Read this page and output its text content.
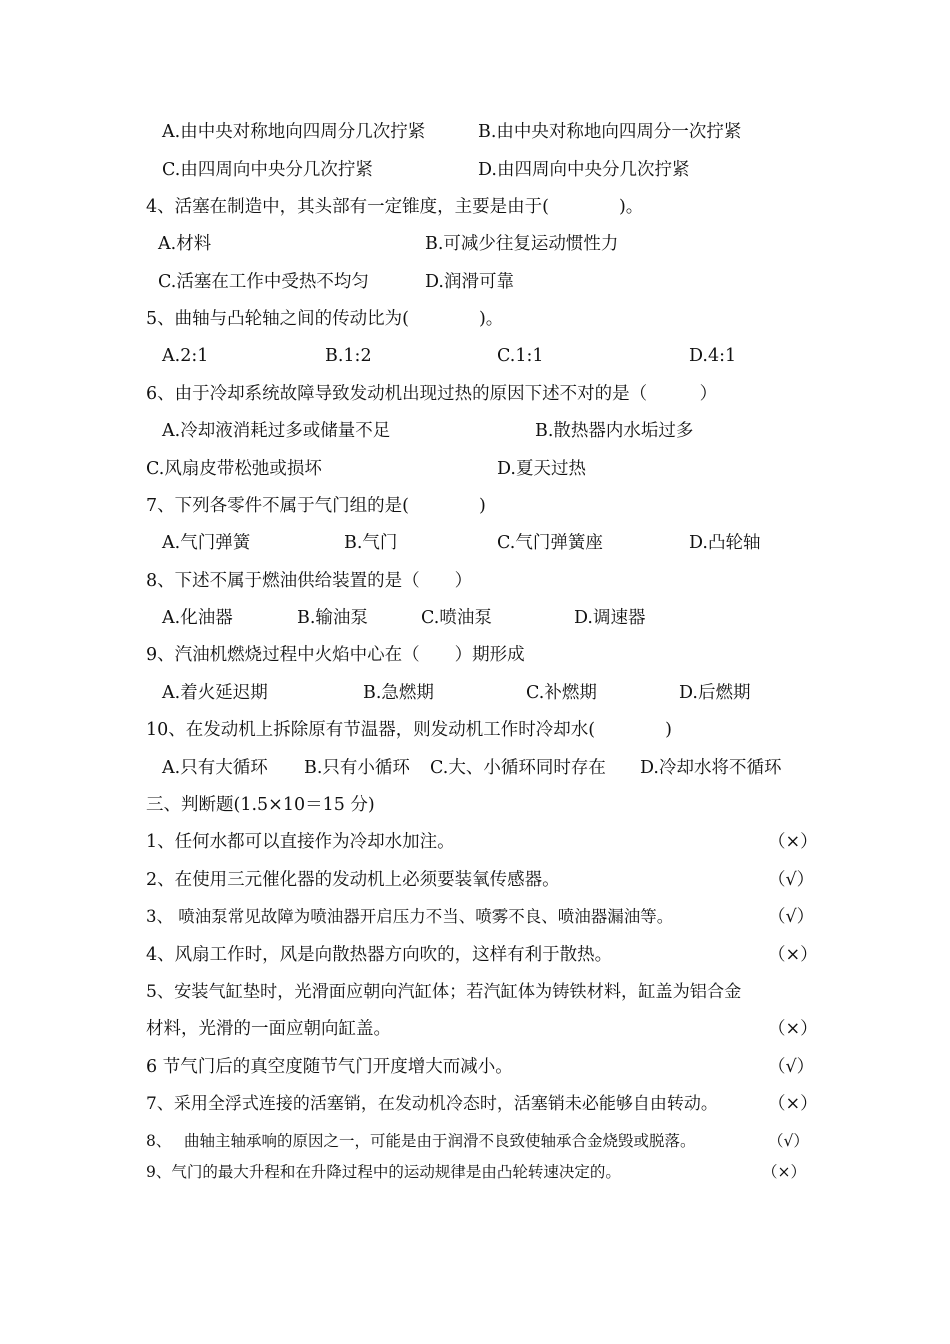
A.由中央对称地向四周分几次拧紧	B.由中央对称地向四周分一次拧紧
C.由四周向中央分几次拧紧	D.由四周向中央分几次拧紧
4、活塞在制造中，其头部有一定锥度，主要是由于(　　　　)。
A.材料	B.可减少往复运动惯性力
C.活塞在工作中受热不均匀	D.润滑可靠
5、曲轴与凸轮轴之间的传动比为(　　　　)。
A.2:1	B.1:2	C.1:1	D.4:1
6、由于冷却系统故障导致发动机出现过热的原因下述不对的是（　　　）
A.冷却液消耗过多或储量不足	B.散热器内水垢过多
C.风扇皮带松弛或损坏	D.夏天过热
7、下列各零件不属于气门组的是(　　　　)
A.气门弹簧	B.气门	C.气门弹簧座	D.凸轮轴
8、下述不属于燃油供给装置的是（　　）
A.化油器	B.输油泵	C.喷油泵	D.调速器
9、汽油机燃烧过程中火焰中心在（　　）期形成
A.着火延迟期	B.急燃期	C.补燃期	D.后燃期
10、在发动机上拆除原有节温器，则发动机工作时冷却水(　　　　)
A.只有大循环 B.只有小循环 C.大、小循环同时存在 D.冷却水将不循环
三、判断题(1.5×10＝15 分)
1、任何水都可以直接作为冷却水加注。	（×）
2、在使用三元催化器的发动机上必须要装氧传感器。	（√）
3、 喷油泵常见故障为喷油器开启压力不当、喷雾不良、喷油器漏油等。	（√）
4、风扇工作时，风是向散热器方向吹的，这样有利于散热。	（×）
5、安装气缸垫时，光滑面应朝向汽缸体；若汽缸体为铸铁材料，缸盖为铝合金
材料，光滑的一面应朝向缸盖。	（×）
6 节气门后的真空度随节气门开度增大而减小。	（√）
7、采用全浮式连接的活塞销，在发动机冷态时，活塞销未必能够自由转动。	（×）
8、 曲轴主轴承响的原因之一，可能是由于润滑不良致使轴承合金烧毁或脱落。	（√）
9、气门的最大升程和在升降过程中的运动规律是由凸轮转速决定的。	（×）
